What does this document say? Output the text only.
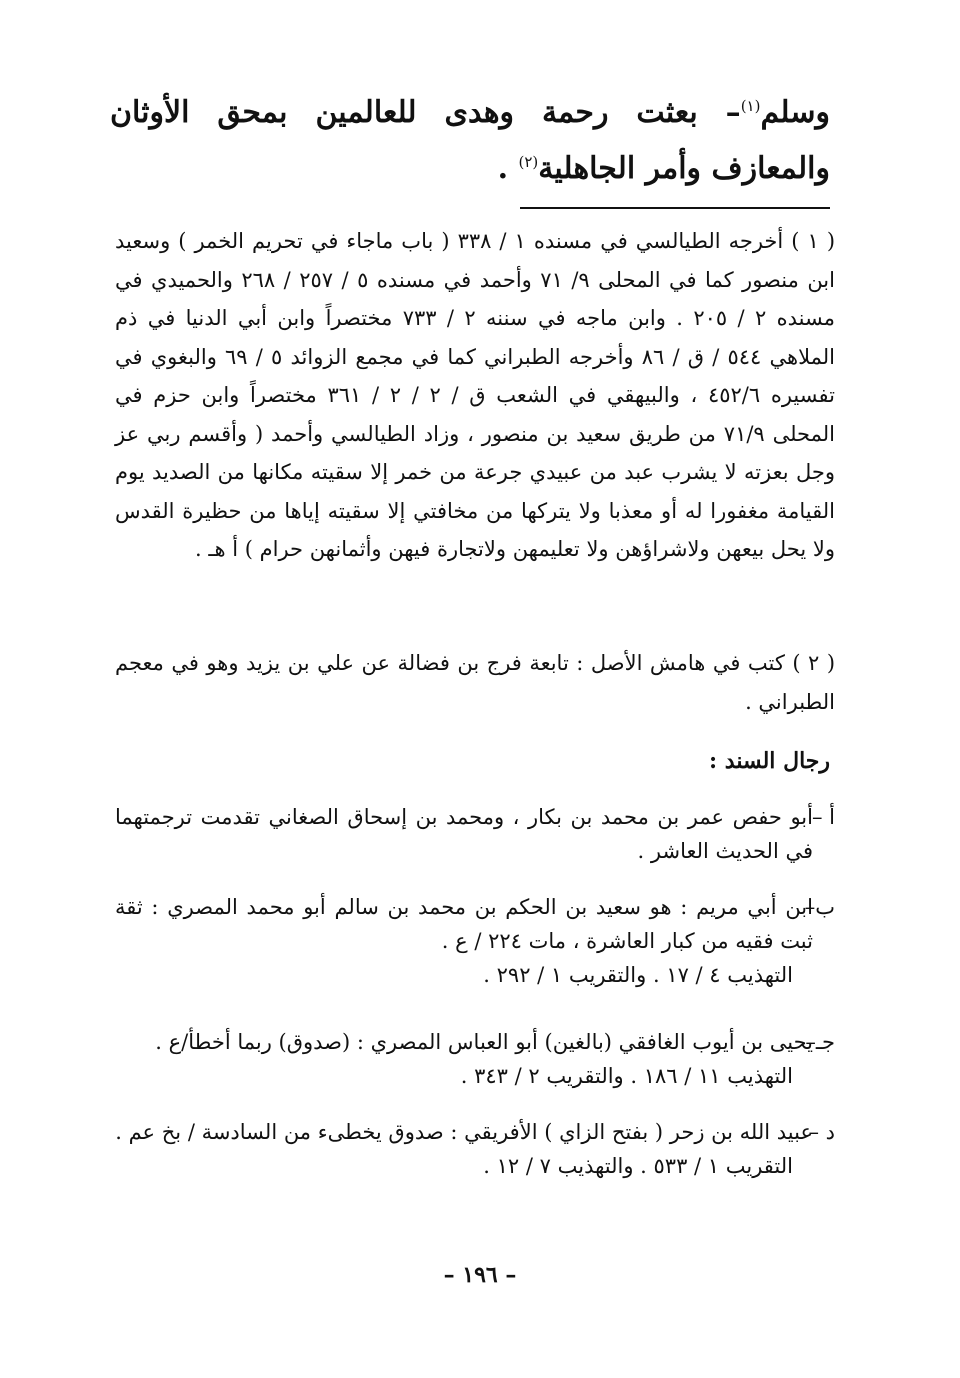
وسلم$^{(١)}$– بعثت رحمة وهدى للعالمين بمحق الأوثان والمعازف وأمر الجاهلية$^{(٢)}$ .
( ١ ) أخرجه الطيالسي في مسنده ١ / ٣٣٨ ( باب ماجاء في تحريم الخمر ) وسعيد ابن منصور كما في المحلى ٩/ ٧١ وأحمد في مسنده ٥ / ٢٥٧ / ٢٦٨ والحميدي في مسنده ٢ / ٢٠٥ . وابن ماجه في سننه ٢ / ٧٣٣ مختصراً وابن أبي الدنيا في ذم الملاهي ٥٤٤ / ق / ٨٦ وأخرجه الطبراني كما في مجمع الزوائد ٥ / ٦٩ والبغوي في تفسيره ٤٥٢/٦ ، والبيهقي في الشعب ق / ٢ / ٢ / ٣٦١ مختصراً وابن حزم في المحلى ٧١/٩ من طريق سعيد بن منصور ، وزاد الطيالسي وأحمد ( وأقسم ربي عز وجل بعزته لا يشرب عبد من عبيدي جرعة من خمر إلا سقيته مكانها من الصديد يوم القيامة مغفورا له أو معذبا ولا يتركها من مخافتي إلا سقيته إياها من حظيرة القدس ولا يحل بيعهن ولاشراؤهن ولا تعليمهن ولاتجارة فيهن وأثمانهن حرام ) أ هـ .
( ٢ ) كتب في هامش الأصل : تابعة فرج بن فضالة عن علي بن يزيد وهو في معجم الطبراني .
رجال السند :
أ –
أبو حفص عمر بن محمد بن بكار ، ومحمد بن إسحاق الصغاني تقدمت ترجمتهما في الحديث العاشر .
ب–
ابن أبي مريم : هو سعيد بن الحكم بن محمد بن سالم أبو محمد المصري : ثقة ثبت فقيه من كبار العاشرة ، مات ٢٢٤ / ع .
التهذيب ٤ / ١٧ . والتقريب ١ / ٢٩٢ .
جـ–
يحيى بن أيوب الغافقي (بالغين) أبو العباس المصري : (صدوق) ربما أخطأ/ع .
التهذيب ١١ / ١٨٦ . والتقريب ٢ / ٣٤٣ .
د –
عبيد الله بن زحر ( بفتح الزاي ) الأفريقي : صدوق يخطىء من السادسة / بخ عم .
التقريب ١ / ٥٣٣ . والتهذيب ٧ / ١٢ .
– ١٩٦ –
